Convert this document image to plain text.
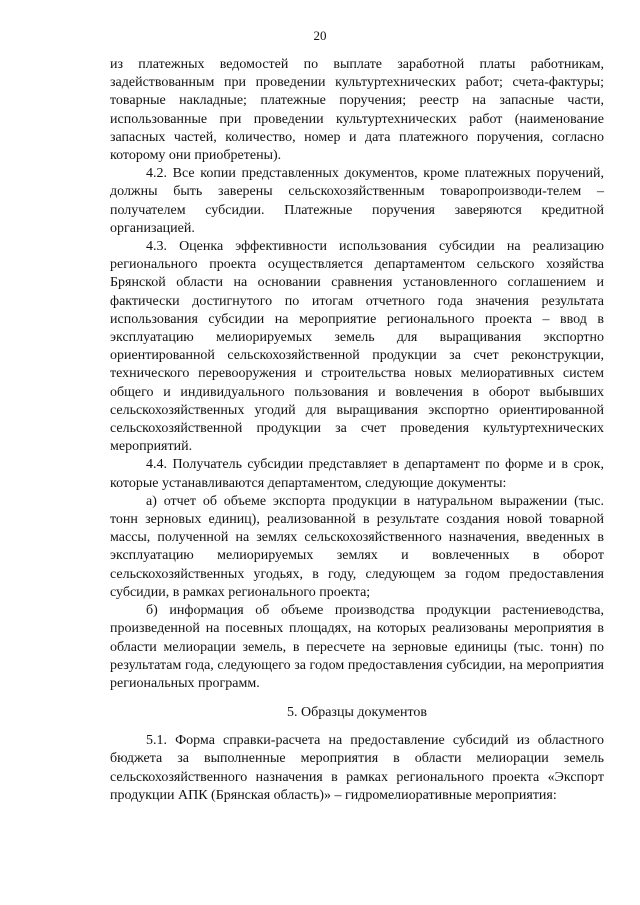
20

из платежных ведомостей по выплате заработной платы работникам, задействованным при проведении культуртехнических работ; счета-фактуры; товарные накладные; платежные поручения; реестр на запасные части, использованные при проведении культуртехнических работ (наименование запасных частей, количество, номер и дата платежного поручения, согласно которому они приобретены).

4.2. Все копии представленных документов, кроме платежных поручений, должны быть заверены сельскохозяйственным товаропроизводи-телем – получателем субсидии. Платежные поручения заверяются кредитной организацией.

4.3. Оценка эффективности использования субсидии на реализацию регионального проекта осуществляется департаментом сельского хозяйства Брянской области на основании сравнения установленного соглашением и фактически достигнутого по итогам отчетного года значения результата использования субсидии на мероприятие регионального проекта – ввод в эксплуатацию мелиорируемых земель для выращивания экспортно ориентированной сельскохозяйственной продукции за счет реконструкции, технического перевооружения и строительства новых мелиоративных систем общего и индивидуального пользования и вовлечения в оборот выбывших сельскохозяйственных угодий для выращивания экспортно ориентированной сельскохозяйственной продукции за счет проведения культуртехнических мероприятий.

4.4. Получатель субсидии представляет в департамент по форме и в срок, которые устанавливаются департаментом, следующие документы:

а) отчет об объеме экспорта продукции в натуральном выражении (тыс. тонн зерновых единиц), реализованной в результате создания новой товарной массы, полученной на землях сельскохозяйственного назначения, введенных в эксплуатацию мелиорируемых землях и вовлеченных в оборот сельскохозяйственных угодьях, в году, следующем за годом предоставления субсидии, в рамках регионального проекта;

б) информация об объеме производства продукции растениеводства, произведенной на посевных площадях, на которых реализованы мероприятия в области мелиорации земель, в пересчете на зерновые единицы (тыс. тонн) по результатам года, следующего за годом предоставления субсидии, на мероприятия региональных программ.

5. Образцы документов

5.1. Форма справки-расчета на предоставление субсидий из областного бюджета за выполненные мероприятия в области мелиорации земель сельскохозяйственного назначения в рамках регионального проекта «Экспорт продукции АПК (Брянская область)» – гидромелиоративные мероприятия:
